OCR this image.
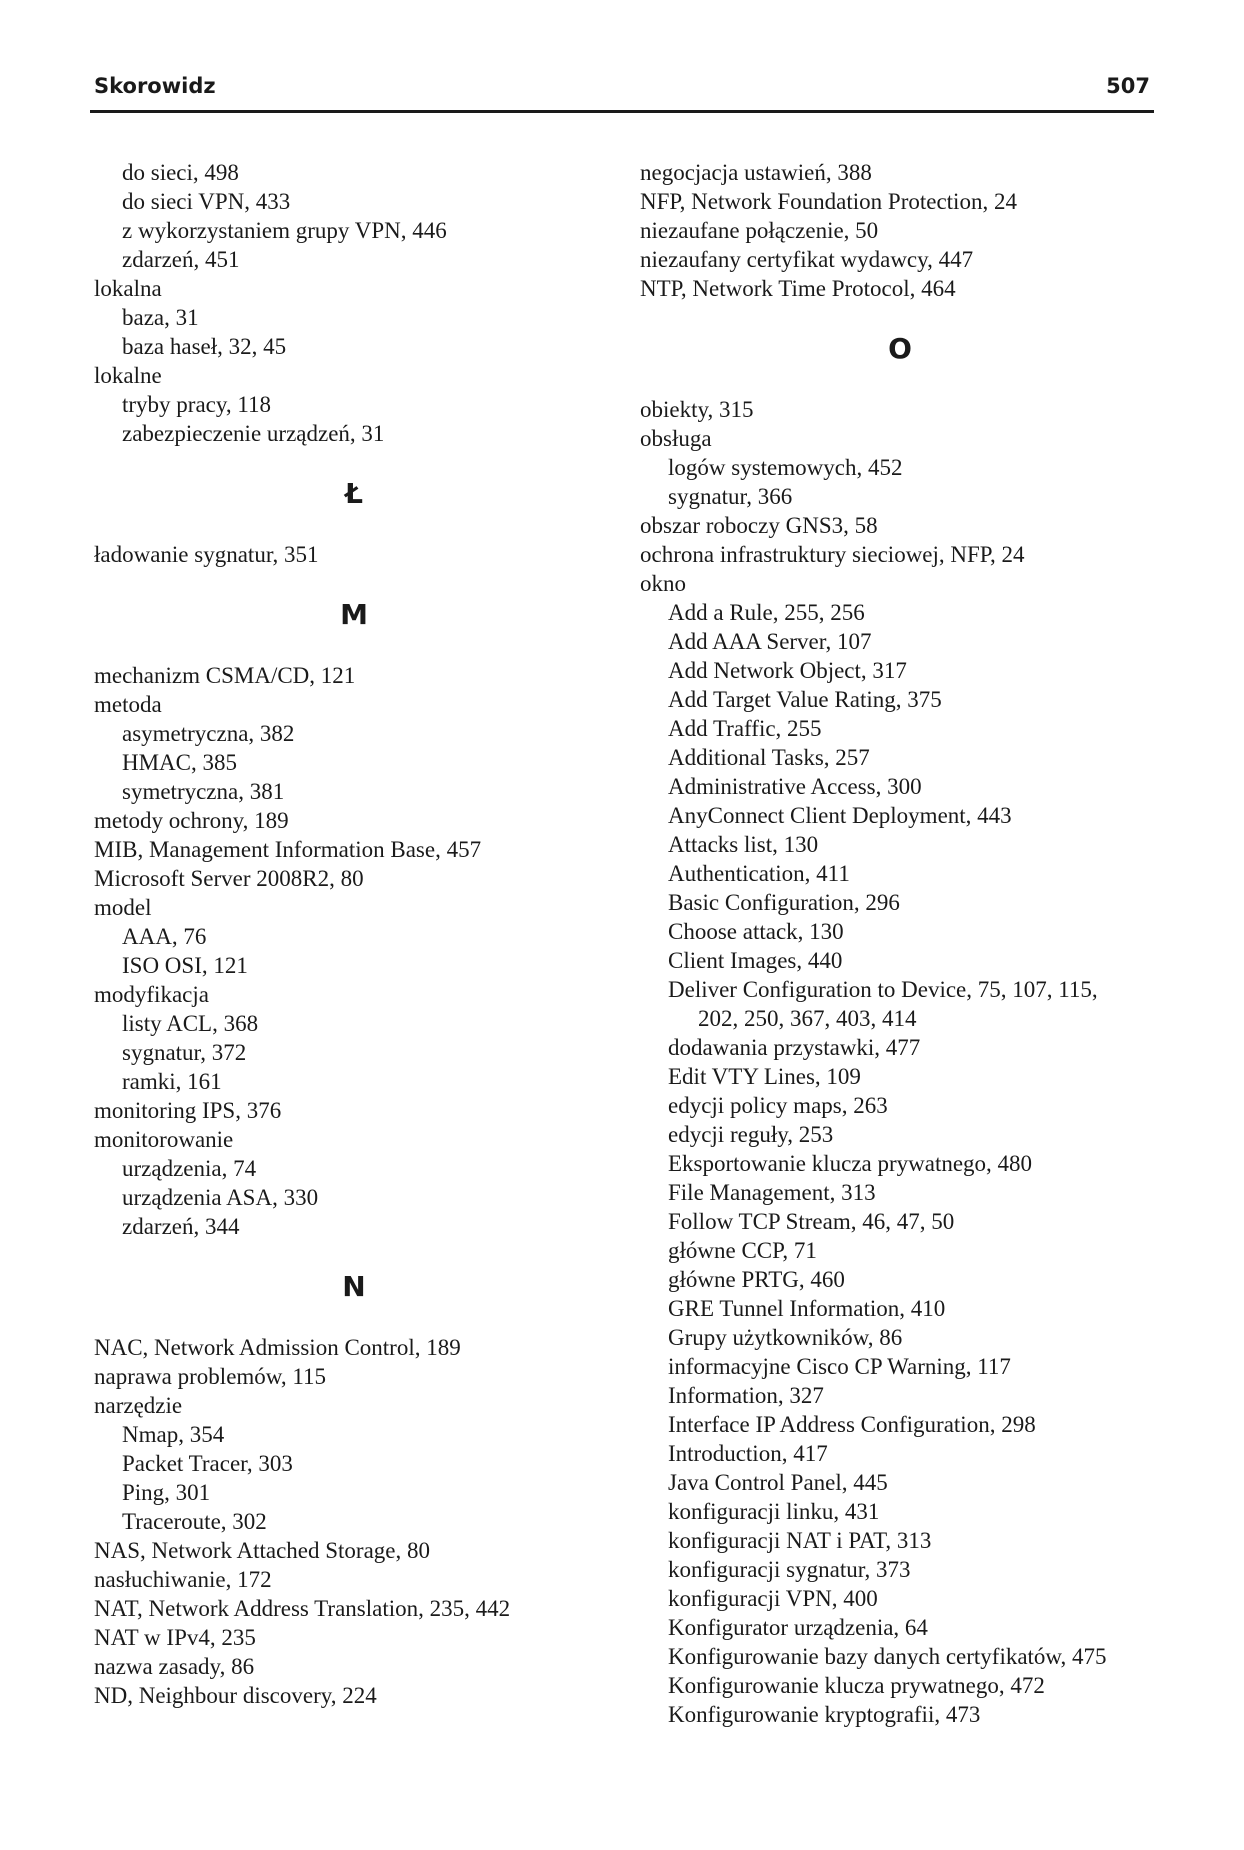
Skorowidz	507
do sieci, 498
do sieci VPN, 433
z wykorzystaniem grupy VPN, 446
zdarzeń, 451
lokalna
baza, 31
baza haseł, 32, 45
lokalne
tryby pracy, 118
zabezpieczenie urządzeń, 31
Ł
ładowanie sygnatur, 351
M
mechanizm CSMA/CD, 121
metoda
asymetryczna, 382
HMAC, 385
symetryczna, 381
metody ochrony, 189
MIB, Management Information Base, 457
Microsoft Server 2008R2, 80
model
AAA, 76
ISO OSI, 121
modyfikacja
listy ACL, 368
sygnatur, 372
ramki, 161
monitoring IPS, 376
monitorowanie
urządzenia, 74
urządzenia ASA, 330
zdarzeń, 344
N
NAC, Network Admission Control, 189
naprawa problemów, 115
narzędzie
Nmap, 354
Packet Tracer, 303
Ping, 301
Traceroute, 302
NAS, Network Attached Storage, 80
nasłuchiwanie, 172
NAT, Network Address Translation, 235, 442
NAT w IPv4, 235
nazwa zasady, 86
ND, Neighbour discovery, 224
negocjacja ustawień, 388
NFP, Network Foundation Protection, 24
niezaufane połączenie, 50
niezaufany certyfikat wydawcy, 447
NTP, Network Time Protocol, 464
O
obiekty, 315
obsługa
logów systemowych, 452
sygnatur, 366
obszar roboczy GNS3, 58
ochrona infrastruktury sieciowej, NFP, 24
okno
Add a Rule, 255, 256
Add AAA Server, 107
Add Network Object, 317
Add Target Value Rating, 375
Add Traffic, 255
Additional Tasks, 257
Administrative Access, 300
AnyConnect Client Deployment, 443
Attacks list, 130
Authentication, 411
Basic Configuration, 296
Choose attack, 130
Client Images, 440
Deliver Configuration to Device, 75, 107, 115,
202, 250, 367, 403, 414
dodawania przystawki, 477
Edit VTY Lines, 109
edycji policy maps, 263
edycji reguły, 253
Eksportowanie klucza prywatnego, 480
File Management, 313
Follow TCP Stream, 46, 47, 50
główne CCP, 71
główne PRTG, 460
GRE Tunnel Information, 410
Grupy użytkowników, 86
informacyjne Cisco CP Warning, 117
Information, 327
Interface IP Address Configuration, 298
Introduction, 417
Java Control Panel, 445
konfiguracji linku, 431
konfiguracji NAT i PAT, 313
konfiguracji sygnatur, 373
konfiguracji VPN, 400
Konfigurator urządzenia, 64
Konfigurowanie bazy danych certyfikatów, 475
Konfigurowanie klucza prywatnego, 472
Konfigurowanie kryptografii, 473
